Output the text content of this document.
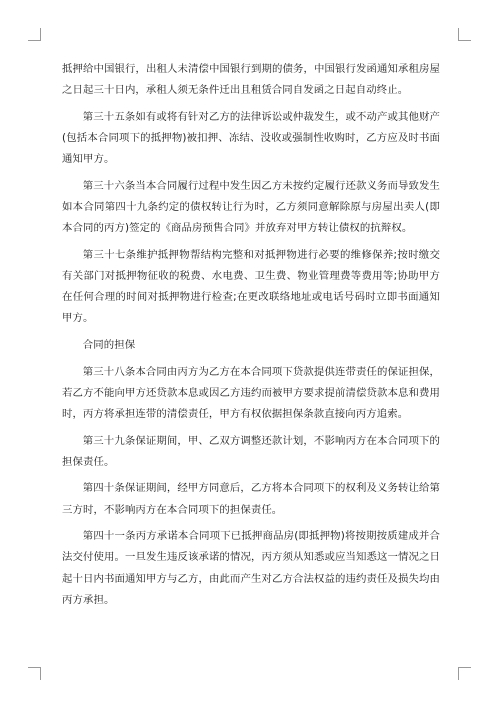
抵押给中国银行，出租人未清偿中国银行到期的债务，中国银行发函通知承租房屋之日起三十日内，承租人须无条件迁出且租赁合同自发函之日起自动终止。

第三十五条如有或将有针对乙方的法律诉讼或仲裁发生，或不动产或其他财产(包括本合同项下的抵押物)被扣押、冻结、没收或强制性收购时，乙方应及时书面通知甲方。

第三十六条当本合同履行过程中发生因乙方未按约定履行还款义务而导致发生如本合同第四十九条约定的债权转让行为时，乙方须同意解除原与房屋出卖人(即本合同的丙方)签定的《商品房预售合同》并放弃对甲方转让债权的抗辩权。

第三十七条维护抵押物帮结构完整和对抵押物进行必要的维修保养;按时缴交有关部门对抵押物征收的税费、水电费、卫生费、物业管理费等费用等;协助甲方在任何合理的时间对抵押物进行检查;在更改联络地址或电话号码时立即书面通知甲方。

合同的担保

第三十八条本合同由丙方为乙方在本合同项下贷款提供连带责任的保证担保，若乙方不能向甲方还贷款本息或因乙方违约而被甲方要求提前清偿贷款本息和费用时，丙方将承担连带的清偿责任，甲方有权依据担保条款直接向丙方追索。

第三十九条保证期间，甲、乙双方调整还款计划，不影响丙方在本合同项下的担保责任。

第四十条保证期间，经甲方同意后，乙方将本合同项下的权利及义务转让给第三方时，不影响丙方在本合同项下的担保责任。

第四十一条丙方承诺本合同项下已抵押商品房(即抵押物)将按期按质建成并合法交付使用。一旦发生违反该承诺的情况，丙方须从知悉或应当知悉这一情况之日起十日内书面通知甲方与乙方，由此而产生对乙方合法权益的违约责任及损失均由丙方承担。
